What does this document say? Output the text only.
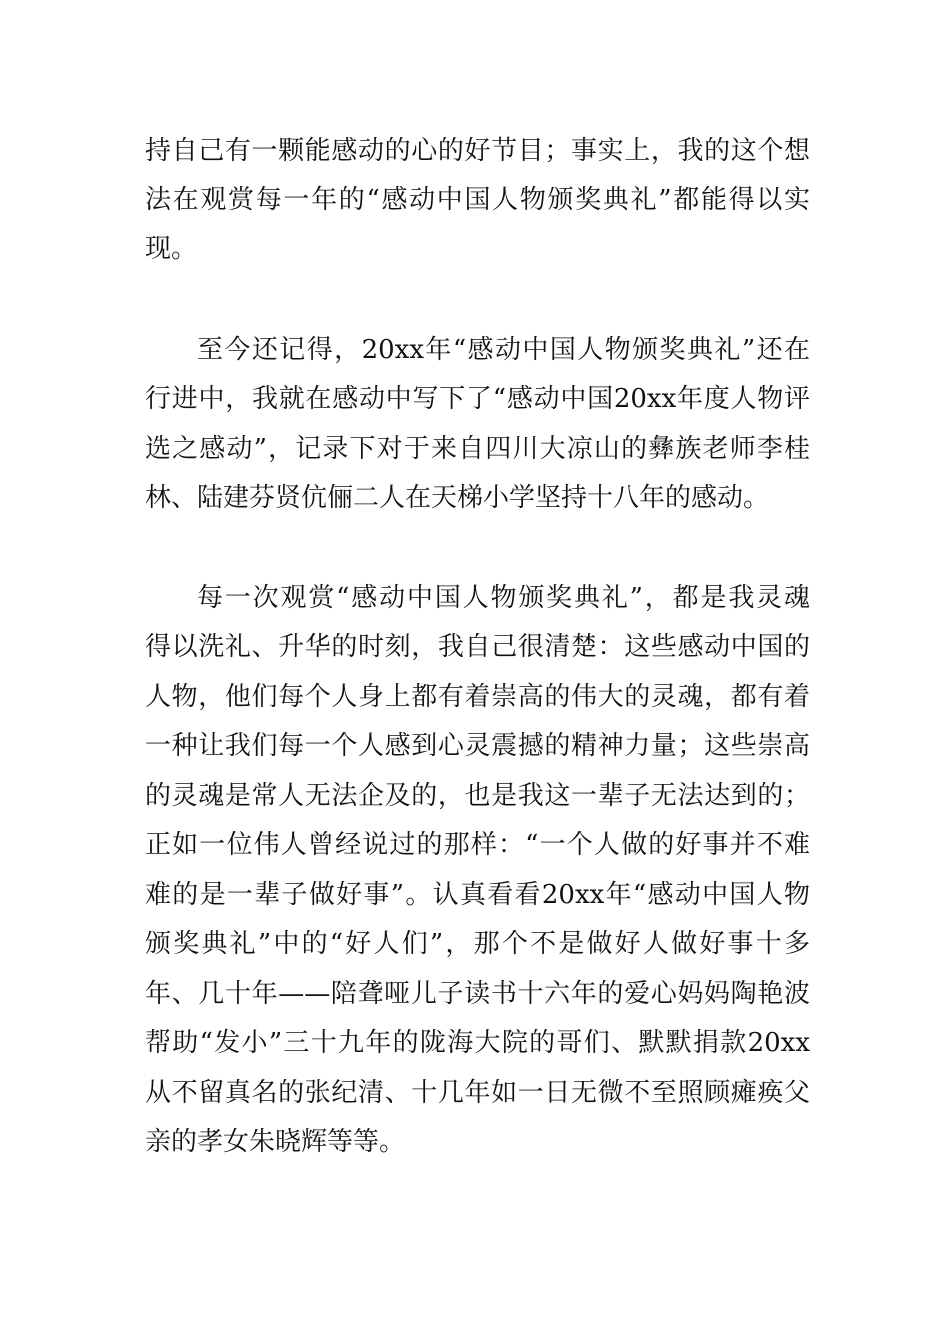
持自己有一颗能感动的心的好节目；事实上，我的这个想
法在观赏每一年的“感动中国人物颁奖典礼”都能得以实
现。
至今还记得，20xx年“感动中国人物颁奖典礼”还在
行进中，我就在感动中写下了“感动中国20xx年度人物评
选之感动”，记录下对于来自四川大凉山的彝族老师李桂
林、陆建芬贤伉俪二人在天梯小学坚持十八年的感动。
每一次观赏“感动中国人物颁奖典礼”，都是我灵魂
得以洗礼、升华的时刻，我自己很清楚：这些感动中国的
人物，他们每个人身上都有着崇高的伟大的灵魂，都有着
一种让我们每一个人感到心灵震撼的精神力量；这些崇高
的灵魂是常人无法企及的，也是我这一辈子无法达到的；
正如一位伟人曾经说过的那样：“一个人做的好事并不难
难的是一辈子做好事”。认真看看20xx年“感动中国人物
颁奖典礼”中的“好人们”，那个不是做好人做好事十多
年、几十年——陪聋哑儿子读书十六年的爱心妈妈陶艳波
帮助“发小”三十九年的陇海大院的哥们、默默捐款20xx
从不留真名的张纪清、十几年如一日无微不至照顾瘫痪父
亲的孝女朱晓辉等等。
